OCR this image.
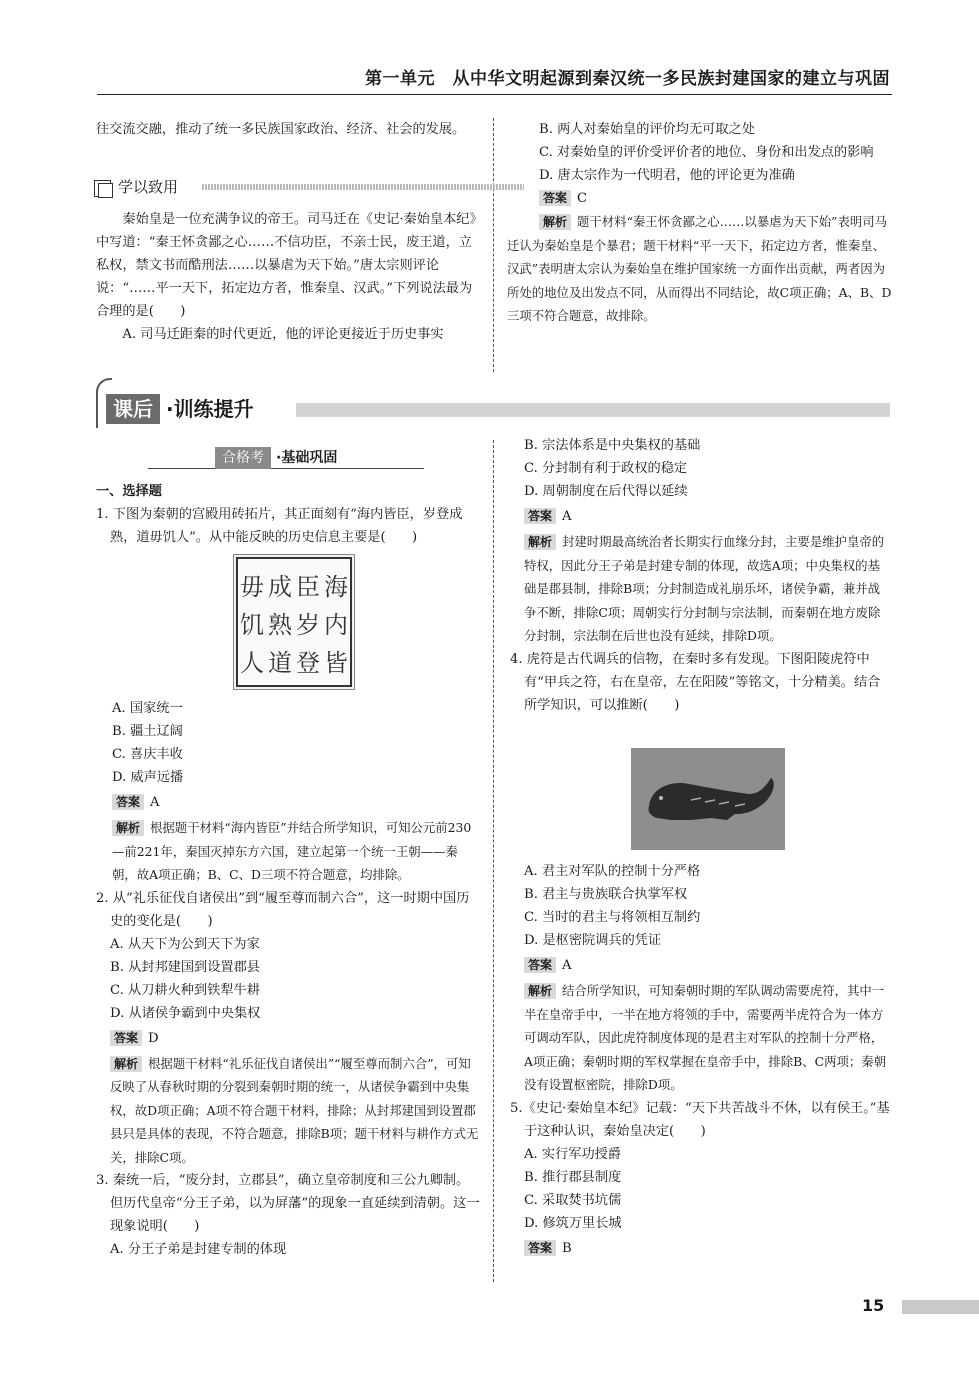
第一单元　从中华文明起源到秦汉统一多民族封建国家的建立与巩固

往交流交融，推动了统一多民族国家政治、经济、社会的发展。

学以致用

秦始皇是一位充满争议的帝王。司马迁在《史记·秦始皇本纪》中写道：“秦王怀贪鄙之心……不信功臣，不亲士民，废王道，立私权，禁文书而酷刑法……以暴虐为天下始。”唐太宗则评论说：“……平一天下，拓定边方者，惟秦皇、汉武。”下列说法最为合理的是(　　)

A. 司马迁距秦的时代更近，他的评论更接近于历史事实

B. 两人对秦始皇的评价均无可取之处

C. 对秦始皇的评价受评价者的地位、身份和出发点的影响

D. 唐太宗作为一代明君，他的评论更为准确

答案 C

解析 题干材料“秦王怀贪鄙之心……以暴虐为天下始”表明司马迁认为秦始皇是个暴君；题干材料“平一天下，拓定边方者，惟秦皇、汉武”表明唐太宗认为秦始皇在维护国家统一方面作出贡献，两者因为所处的地位及出发点不同，从而得出不同结论，故C项正确；A、B、D三项不符合题意，故排除。

课后 ·训练提升
合格考 ·基础巩固

一、选择题

1. 下图为秦朝的宫殿用砖拓片，其正面刻有“海内皆臣，岁登成熟，道毋饥人”。从中能反映的历史信息主要是(　　)

海
内
皆
臣
岁
登
成
熟
道
毋
饥
人

A. 国家统一

B. 疆土辽阔

C. 喜庆丰收

D. 威声远播

答案 A

解析 根据题干材料“海内皆臣”并结合所学知识，可知公元前230—前221年，秦国灭掉东方六国，建立起第一个统一王朝——秦朝，故A项正确；B、C、D三项不符合题意，均排除。

2. 从“礼乐征伐自诸侯出”到“履至尊而制六合”，这一时期中国历史的变化是(　　)

A. 从天下为公到天下为家

B. 从封邦建国到设置郡县

C. 从刀耕火种到铁犁牛耕

D. 从诸侯争霸到中央集权

答案 D

解析 根据题干材料“礼乐征伐自诸侯出”“履至尊而制六合”，可知反映了从春秋时期的分裂到秦朝时期的统一，从诸侯争霸到中央集权，故D项正确；A项不符合题干材料，排除；从封邦建国到设置郡县只是具体的表现，不符合题意，排除B项；题干材料与耕作方式无关，排除C项。

3. 秦统一后，“废分封，立郡县”，确立皇帝制度和三公九卿制。但历代皇帝“分王子弟，以为屏藩”的现象一直延续到清朝。这一现象说明(　　)

A. 分王子弟是封建专制的体现

B. 宗法体系是中央集权的基础

C. 分封制有利于政权的稳定

D. 周朝制度在后代得以延续

答案 A

解析 封建时期最高统治者长期实行血缘分封，主要是维护皇帝的特权，因此分王子弟是封建专制的体现，故选A项；中央集权的基础是郡县制，排除B项；分封制造成礼崩乐坏，诸侯争霸，兼并战争不断，排除C项；周朝实行分封制与宗法制，而秦朝在地方废除分封制，宗法制在后世也没有延续，排除D项。

4. 虎符是古代调兵的信物，在秦时多有发现。下图阳陵虎符中有“甲兵之符，右在皇帝，左在阳陵”等铭文，十分精美。结合所学知识，可以推断(　　)

A. 君主对军队的控制十分严格

B. 君主与贵族联合执掌军权

C. 当时的君主与将领相互制约

D. 是枢密院调兵的凭证

答案 A

解析 结合所学知识，可知秦朝时期的军队调动需要虎符，其中一半在皇帝手中，一半在地方将领的手中，需要两半虎符合为一体方可调动军队，因此虎符制度体现的是君主对军队的控制十分严格，A项正确；秦朝时期的军权掌握在皇帝手中，排除B、C两项；秦朝没有设置枢密院，排除D项。

5.《史记·秦始皇本纪》记载：“天下共苦战斗不休，以有侯王。”基于这种认识，秦始皇决定(　　)

A. 实行军功授爵

B. 推行郡县制度

C. 采取焚书坑儒

D. 修筑万里长城

答案 B

15
